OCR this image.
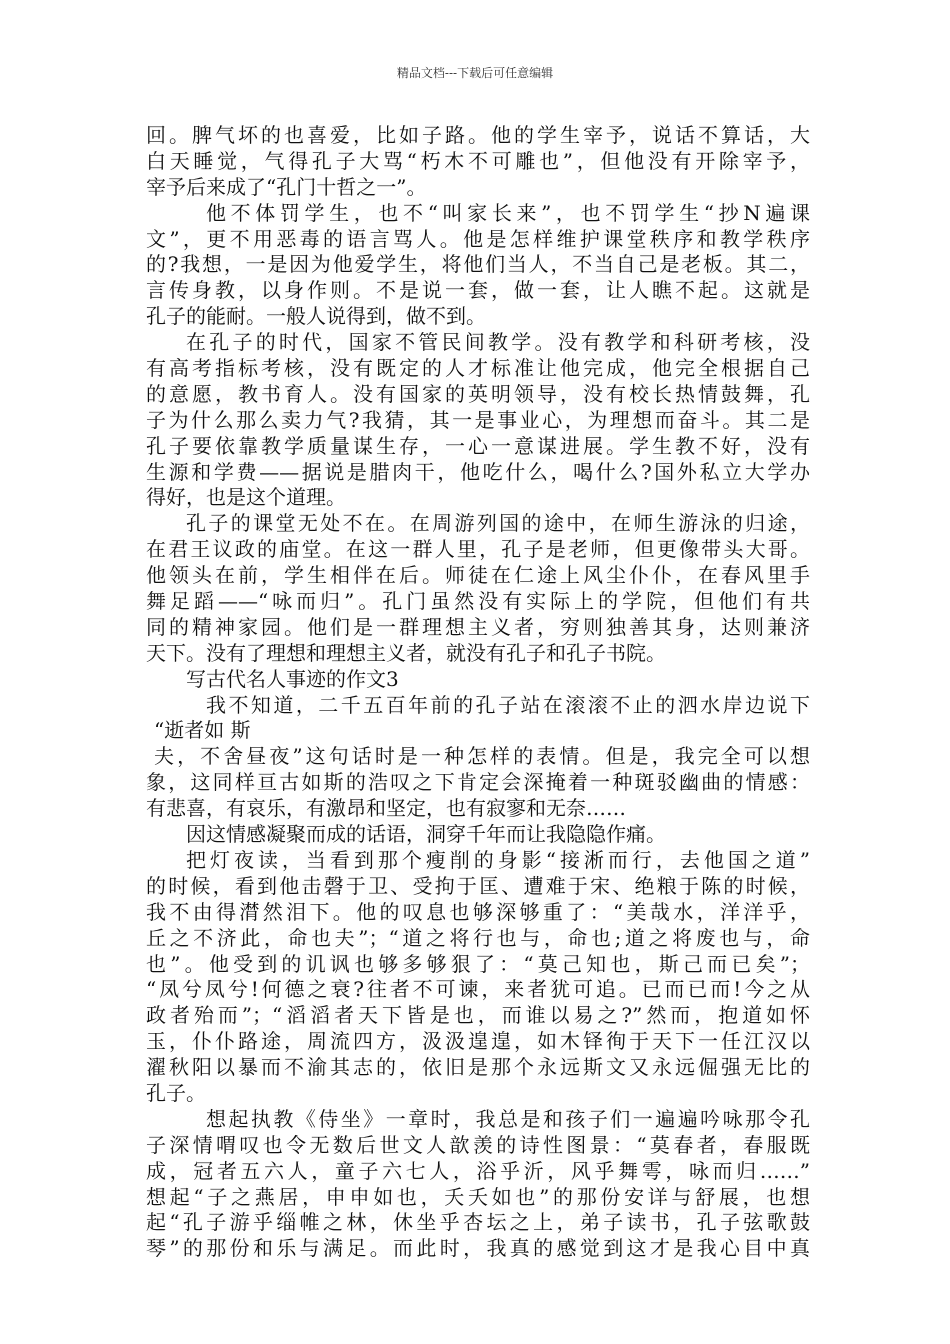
精品文档---下载后可任意编辑
回。脾气坏的也喜爱，比如子路。他的学生宰予，说话不算话，大
白天睡觉，气得孔子大骂“朽木不可雕也”，但他没有开除宰予，
宰予后来成了“孔门十哲之一”。
他不体罚学生，也不“叫家长来”，也不罚学生“抄N遍课
文”，更不用恶毒的语言骂人。他是怎样维护课堂秩序和教学秩序
的?我想，一是因为他爱学生，将他们当人，不当自己是老板。其二，
言传身教，以身作则。不是说一套，做一套，让人瞧不起。这就是
孔子的能耐。一般人说得到，做不到。
在孔子的时代，国家不管民间教学。没有教学和科研考核，没
有高考指标考核，没有既定的人才标准让他完成，他完全根据自己
的意愿，教书育人。没有国家的英明领导，没有校长热情鼓舞，孔
子为什么那么卖力气?我猜，其一是事业心，为理想而奋斗。其二是
孔子要依靠教学质量谋生存，一心一意谋进展。学生教不好，没有
生源和学费——据说是腊肉干，他吃什么，喝什么?国外私立大学办
得好，也是这个道理。
孔子的课堂无处不在。在周游列国的途中，在师生游泳的归途，
在君王议政的庙堂。在这一群人里，孔子是老师，但更像带头大哥。
他领头在前，学生相伴在后。师徒在仁途上风尘仆仆，在春风里手
舞足蹈——“咏而归”。孔门虽然没有实际上的学院，但他们有共
同的精神家园。他们是一群理想主义者，穷则独善其身，达则兼济
天下。没有了理想和理想主义者，就没有孔子和孔子书院。
写古代名人事迹的作文3
我不知道，二千五百年前的孔子站在滚滚不止的泗水岸边说下
“逝者如 斯
夫，不舍昼夜”这句话时是一种怎样的表情。但是，我完全可以想
象，这同样亘古如斯的浩叹之下肯定会深掩着一种斑驳幽曲的情感：
有悲喜，有哀乐，有激昂和坚定，也有寂寥和无奈……
因这情感凝聚而成的话语，洞穿千年而让我隐隐作痛。
把灯夜读，当看到那个瘦削的身影“接淅而行，去他国之道”
的时候，看到他击磬于卫、受拘于匡、遭难于宋、绝粮于陈的时候，
我不由得潸然泪下。他的叹息也够深够重了：“美哉水，洋洋乎，
丘之不济此，命也夫”；“道之将行也与，命也;道之将废也与，命
也”。他受到的讥讽也够多够狠了：“莫己知也，斯己而已矣”；
“凤兮凤兮!何德之衰?往者不可谏，来者犹可追。已而已而!今之从
政者殆而”；“滔滔者天下皆是也，而谁以易之?”然而，抱道如怀
玉，仆仆路途，周流四方，汲汲遑遑，如木铎徇于天下一任江汉以
濯秋阳以暴而不渝其志的，依旧是那个永远斯文又永远倔强无比的
孔子。
想起执教《侍坐》一章时，我总是和孩子们一遍遍吟咏那令孔
子深情喟叹也令无数后世文人歆羡的诗性图景：“莫春者，春服既
成，冠者五六人，童子六七人，浴乎沂，风乎舞雩，咏而归……”
想起“子之燕居，申申如也，夭夭如也”的那份安详与舒展，也想
起“孔子游乎缁帷之林，休坐乎杏坛之上，弟子读书，孔子弦歌鼓
琴”的那份和乐与满足。而此时，我真的感觉到这才是我心目中真
